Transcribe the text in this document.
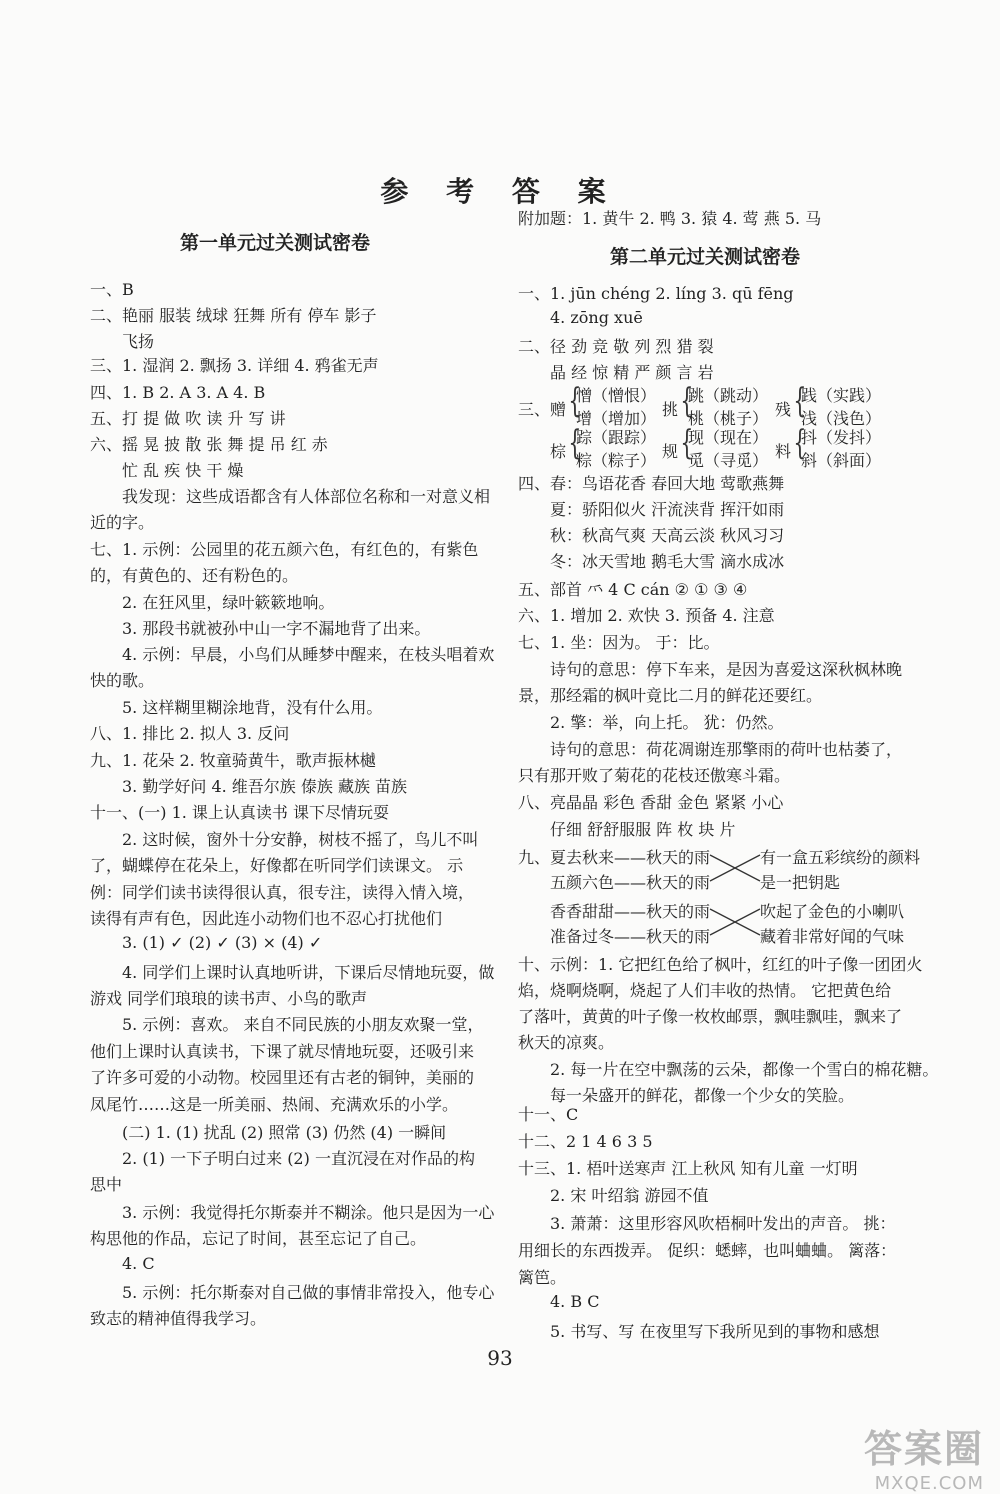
参 考 答 案
第一单元过关测试密卷
附加题：1. 黄牛 2. 鸭 3. 猿 4. 莺 燕 5. 马
第二单元过关测试密卷
一、1. jūn chéng 2. líng 3. qū fēng
4. zōng xuē
二、径 劲 竞 敬 列 烈 猎 裂
晶 经 惊 精 严 颜 言 岩
三、
五、部首 ⺤ 4 C cán ② ① ③ ④
六、1. 增加 2. 欢快 3. 预备 4. 注意
八、亮晶晶 彩色 香甜 金色 紧紧 小心
仔细 舒舒服服 阵 枚 块 片
九、
十一、C
十二、2 1 4 6 3 5
93
答案圈
MXQE.COM
一、B
二、艳丽 服装 绒球 狂舞 所有 停车 影子
飞扬
三、1. 湿润 2. 飘扬 3. 详细 4. 鸦雀无声
四、1. B 2. A 3. A 4. B
五、打 提 做 吹 读 升 写 讲
六、摇 晃 披 散 张 舞 提 吊 红 赤
忙 乱 疾 快 干 燥
我发现：这些成语都含有人体部位名称和一对意义相
近的字。
七、1. 示例：公园里的花五颜六色，有红色的，有紫色
的，有黄色的、还有粉色的。
2. 在狂风里，绿叶簌簌地响。
3. 那段书就被孙中山一字不漏地背了出来。
4. 示例：早晨，小鸟们从睡梦中醒来，在枝头唱着欢
快的歌。
5. 这样糊里糊涂地背，没有什么用。
八、1. 排比 2. 拟人 3. 反问
九、1. 花朵 2. 牧童骑黄牛，歌声振林樾
3. 勤学好问 4. 维吾尔族 傣族 藏族 苗族
十一、(一) 1. 课上认真读书 课下尽情玩耍
2. 这时候，窗外十分安静，树枝不摇了，鸟儿不叫
了，蝴蝶停在花朵上，好像都在听同学们读课文。 示
例：同学们读书读得很认真，很专注，读得入情入境，
读得有声有色，因此连小动物们也不忍心打扰他们
3. (1) ✓ (2) ✓ (3) × (4) ✓
4. 同学们上课时认真地听讲，下课后尽情地玩耍，做
游戏 同学们琅琅的读书声、小鸟的歌声
5. 示例：喜欢。 来自不同民族的小朋友欢聚一堂，
他们上课时认真读书，下课了就尽情地玩耍，还吸引来
了许多可爱的小动物。校园里还有古老的铜钟，美丽的
凤尾竹……这是一所美丽、热闹、充满欢乐的小学。
(二) 1. (1) 扰乱 (2) 照常 (3) 仍然 (4) 一瞬间
2. (1) 一下子明白过来 (2) 一直沉浸在对作品的构
思中
3. 示例：我觉得托尔斯泰并不糊涂。他只是因为一心
构思他的作品，忘记了时间，甚至忘记了自己。
4. C
5. 示例：托尔斯泰对自己做的事情非常投入，他专心
致志的精神值得我学习。
赠 {
憎（憎恨）
增（增加） 挑 {
跳（跳动）
桃（桃子） 残 {
践（实践）
浅（浅色）
棕 {
踪（跟踪）
粽（粽子） 规 {
现（现在）
觅（寻觅） 料 {
抖（发抖）
斜（斜面）
四、春：鸟语花香 春回大地 莺歌燕舞
夏：骄阳似火 汗流浃背 挥汗如雨
秋：秋高气爽 天高云淡 秋风习习
冬：冰天雪地 鹅毛大雪 滴水成冰
七、1. 坐：因为。 于：比。
诗句的意思：停下车来，是因为喜爱这深秋枫林晚
景，那经霜的枫叶竟比二月的鲜花还要红。
2. 擎：举，向上托。 犹：仍然。
诗句的意思：荷花凋谢连那擎雨的荷叶也枯萎了，
只有那开败了菊花的花枝还傲寒斗霜。
夏去秋来——秋天的雨
五颜六色——秋天的雨
香香甜甜——秋天的雨
准备过冬——秋天的雨
有一盒五彩缤纷的颜料
是一把钥匙
吹起了金色的小喇叭
藏着非常好闻的气味
十、示例：1. 它把红色给了枫叶，红红的叶子像一团团火
焰，烧啊烧啊，烧起了人们丰收的热情。 它把黄色给
了落叶，黄黄的叶子像一枚枚邮票，飘哇飘哇，飘来了
秋天的凉爽。
2. 每一片在空中飘荡的云朵，都像一个雪白的棉花糖。
每一朵盛开的鲜花，都像一个少女的笑脸。
十三、1. 梧叶送寒声 江上秋风 知有儿童 一灯明
2. 宋 叶绍翁 游园不值
3. 萧萧：这里形容风吹梧桐叶发出的声音。 挑：
用细长的东西拨弄。 促织：蟋蟀，也叫蛐蛐。 篱落：
篱笆。
4. B C
5. 书写、写 在夜里写下我所见到的事物和感想
